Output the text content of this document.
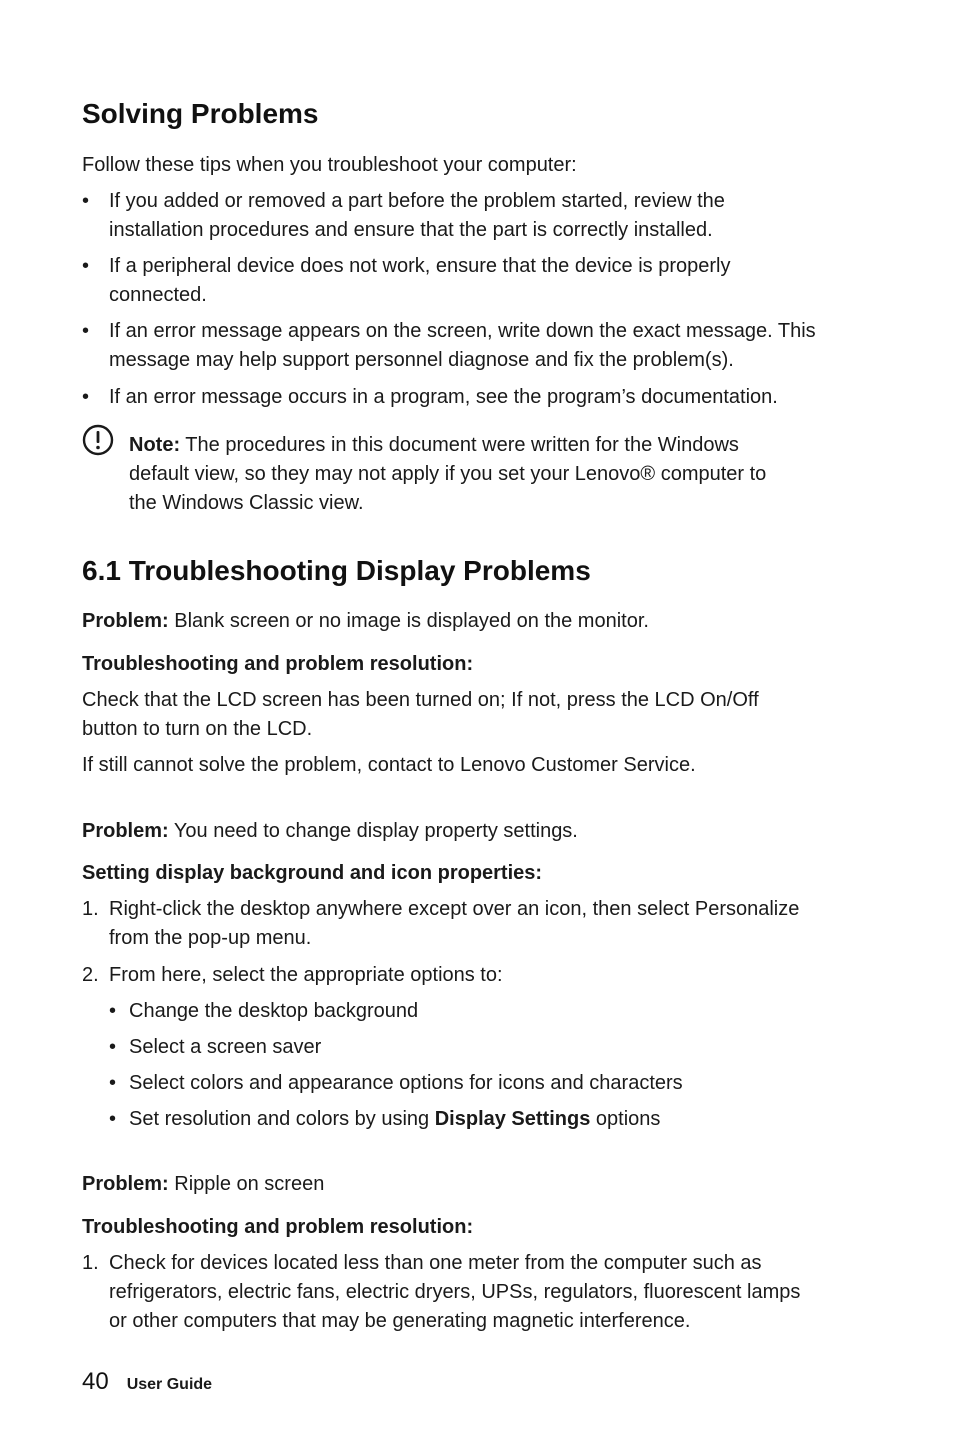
Solving Problems
Follow these tips when you troubleshoot your computer:
• If you added or removed a part before the problem started, review the
installation procedures and ensure that the part is correctly installed.
• If a peripheral device does not work, ensure that the device is properly
connected.
• If an error message appears on the screen, write down the exact message. This
message may help support personnel diagnose and fix the problem(s).
• If an error message occurs in a program, see the program’s documentation.
Note: The procedures in this document were written for the Windows
default view, so they may not apply if you set your Lenovo® computer to
the Windows Classic view.
6.1 Troubleshooting Display Problems
Problem: Blank screen or no image is displayed on the monitor.
Troubleshooting and problem resolution:
Check that the LCD screen has been turned on; If not, press the LCD On/Off
button to turn on the LCD.
If still cannot solve the problem, contact to Lenovo Customer Service.
Problem: You need to change display property settings.
Setting display background and icon properties:
1. Right-click the desktop anywhere except over an icon, then select Personalize
from the pop-up menu.
2. From here, select the appropriate options to:
• Change the desktop background
• Select a screen saver
• Select colors and appearance options for icons and characters
• Set resolution and colors by using Display Settings options
Problem: Ripple on screen
Troubleshooting and problem resolution:
1. Check for devices located less than one meter from the computer such as
refrigerators, electric fans, electric dryers, UPSs, regulators, fluorescent lamps
or other computers that may be generating magnetic interference.
40 User Guide
